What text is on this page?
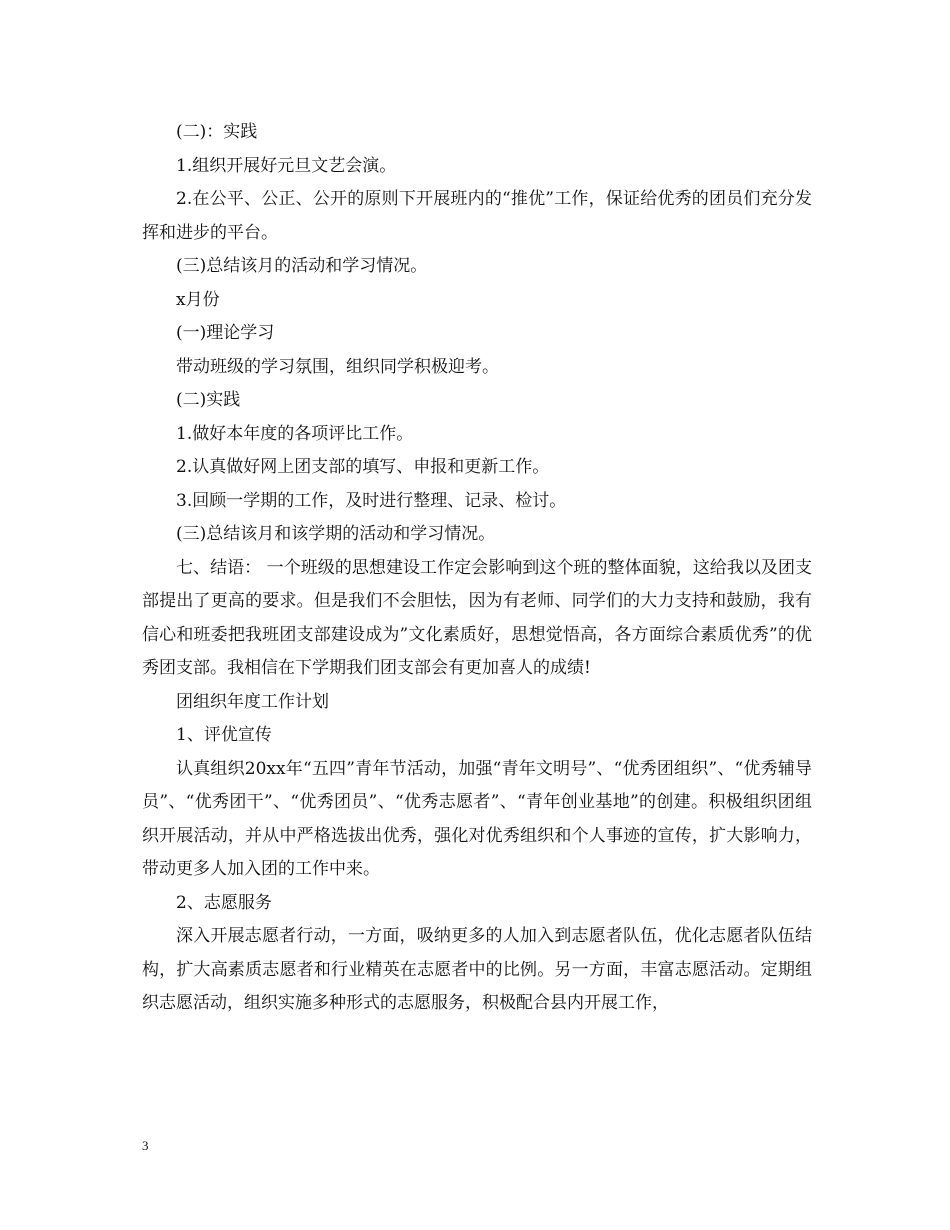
(二)：实践

1.组织开展好元旦文艺会演。

2.在公平、公正、公开的原则下开展班内的“推优”工作，保证给优秀的团员们充分发挥和进步的平台。

(三)总结该月的活动和学习情况。

x月份

(一)理论学习

带动班级的学习氛围，组织同学积极迎考。

(二)实践

1.做好本年度的各项评比工作。

2.认真做好网上团支部的填写、申报和更新工作。

3.回顾一学期的工作，及时进行整理、记录、检讨。

(三)总结该月和该学期的活动和学习情况。

七、结语： 一个班级的思想建设工作定会影响到这个班的整体面貌，这给我以及团支部提出了更高的要求。但是我们不会胆怯，因为有老师、同学们的大力支持和鼓励，我有信心和班委把我班团支部建设成为”文化素质好，思想觉悟高，各方面综合素质优秀”的优秀团支部。我相信在下学期我们团支部会有更加喜人的成绩!

团组织年度工作计划

1、评优宣传

认真组织20xx年“五四”青年节活动，加强“青年文明号”、“优秀团组织”、“优秀辅导员”、“优秀团干”、“优秀团员”、“优秀志愿者”、“青年创业基地”的创建。积极组织团组织开展活动，并从中严格选拔出优秀，强化对优秀组织和个人事迹的宣传，扩大影响力，带动更多人加入团的工作中来。

2、志愿服务

深入开展志愿者行动，一方面，吸纳更多的人加入到志愿者队伍，优化志愿者队伍结构，扩大高素质志愿者和行业精英在志愿者中的比例。另一方面，丰富志愿活动。定期组织志愿活动，组织实施多种形式的志愿服务，积极配合县内开展工作，

3
